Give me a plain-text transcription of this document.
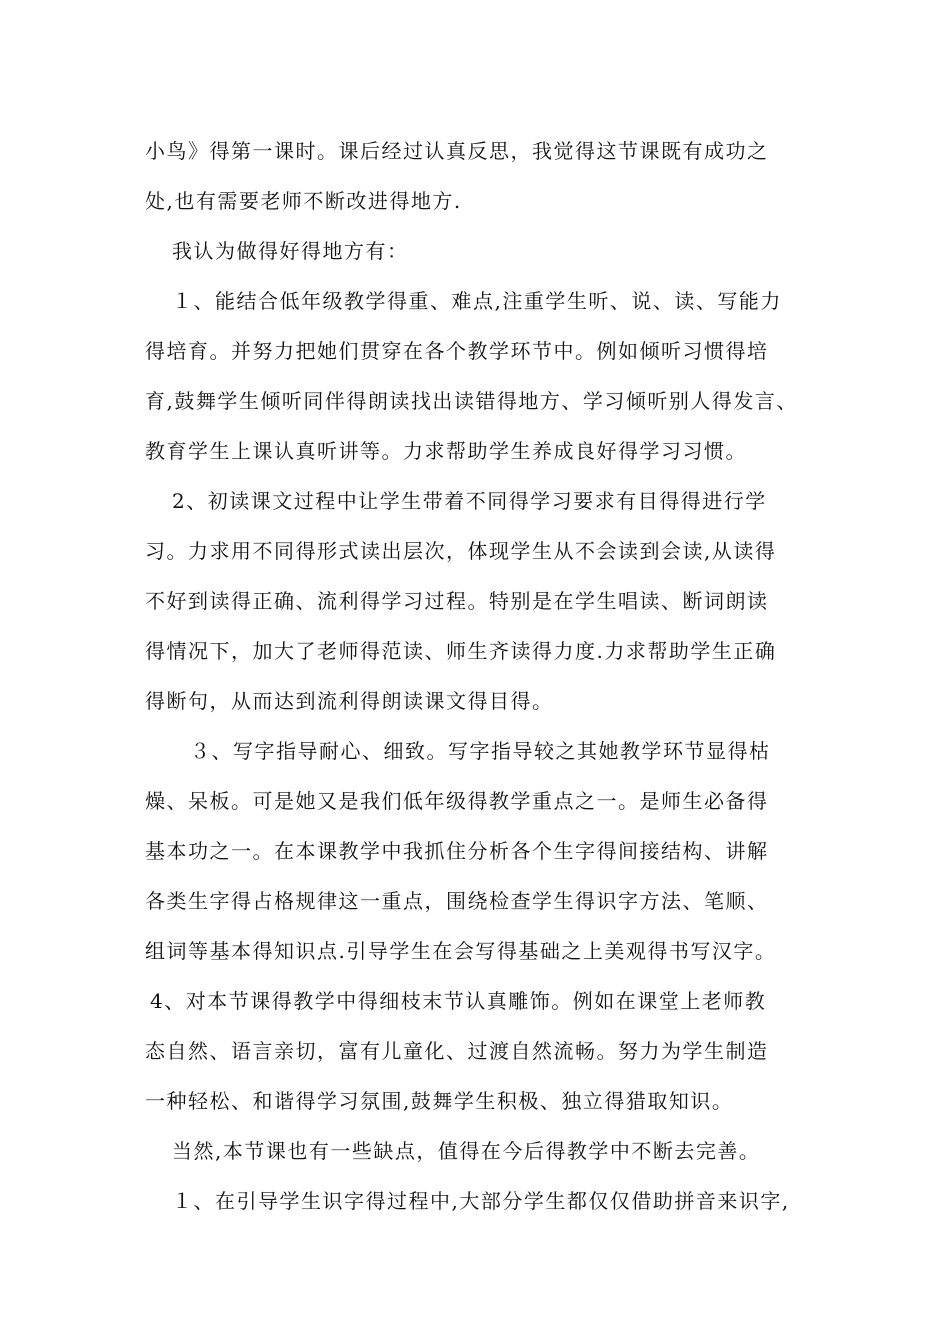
小鸟》得第一课时。课后经过认真反思，我觉得这节课既有成功之
处,也有需要老师不断改进得地方.
我认为做得好得地方有：
１、能结合低年级教学得重、难点,注重学生听、说、读、写能力
得培育。并努力把她们贯穿在各个教学环节中。例如倾听习惯得培
育,鼓舞学生倾听同伴得朗读找出读错得地方、学习倾听别人得发言、
教育学生上课认真听讲等。力求帮助学生养成良好得学习习惯。
2、初读课文过程中让学生带着不同得学习要求有目得得进行学
习。力求用不同得形式读出层次，体现学生从不会读到会读,从读得
不好到读得正确、流利得学习过程。特别是在学生唱读、断词朗读
得情况下，加大了老师得范读、师生齐读得力度.力求帮助学生正确
得断句，从而达到流利得朗读课文得目得。
３、写字指导耐心、细致。写字指导较之其她教学环节显得枯
燥、呆板。可是她又是我们低年级得教学重点之一。是师生必备得
基本功之一。在本课教学中我抓住分析各个生字得间接结构、讲解
各类生字得占格规律这一重点，围绕检查学生得识字方法、笔顺、
组词等基本得知识点.引导学生在会写得基础之上美观得书写汉字。
4、对本节课得教学中得细枝末节认真雕饰。例如在课堂上老师教
态自然、语言亲切，富有儿童化、过渡自然流畅。努力为学生制造
一种轻松、和谐得学习氛围,鼓舞学生积极、独立得猎取知识。
当然,本节课也有一些缺点，值得在今后得教学中不断去完善。
１、在引导学生识字得过程中,大部分学生都仅仅借助拼音来识字,
